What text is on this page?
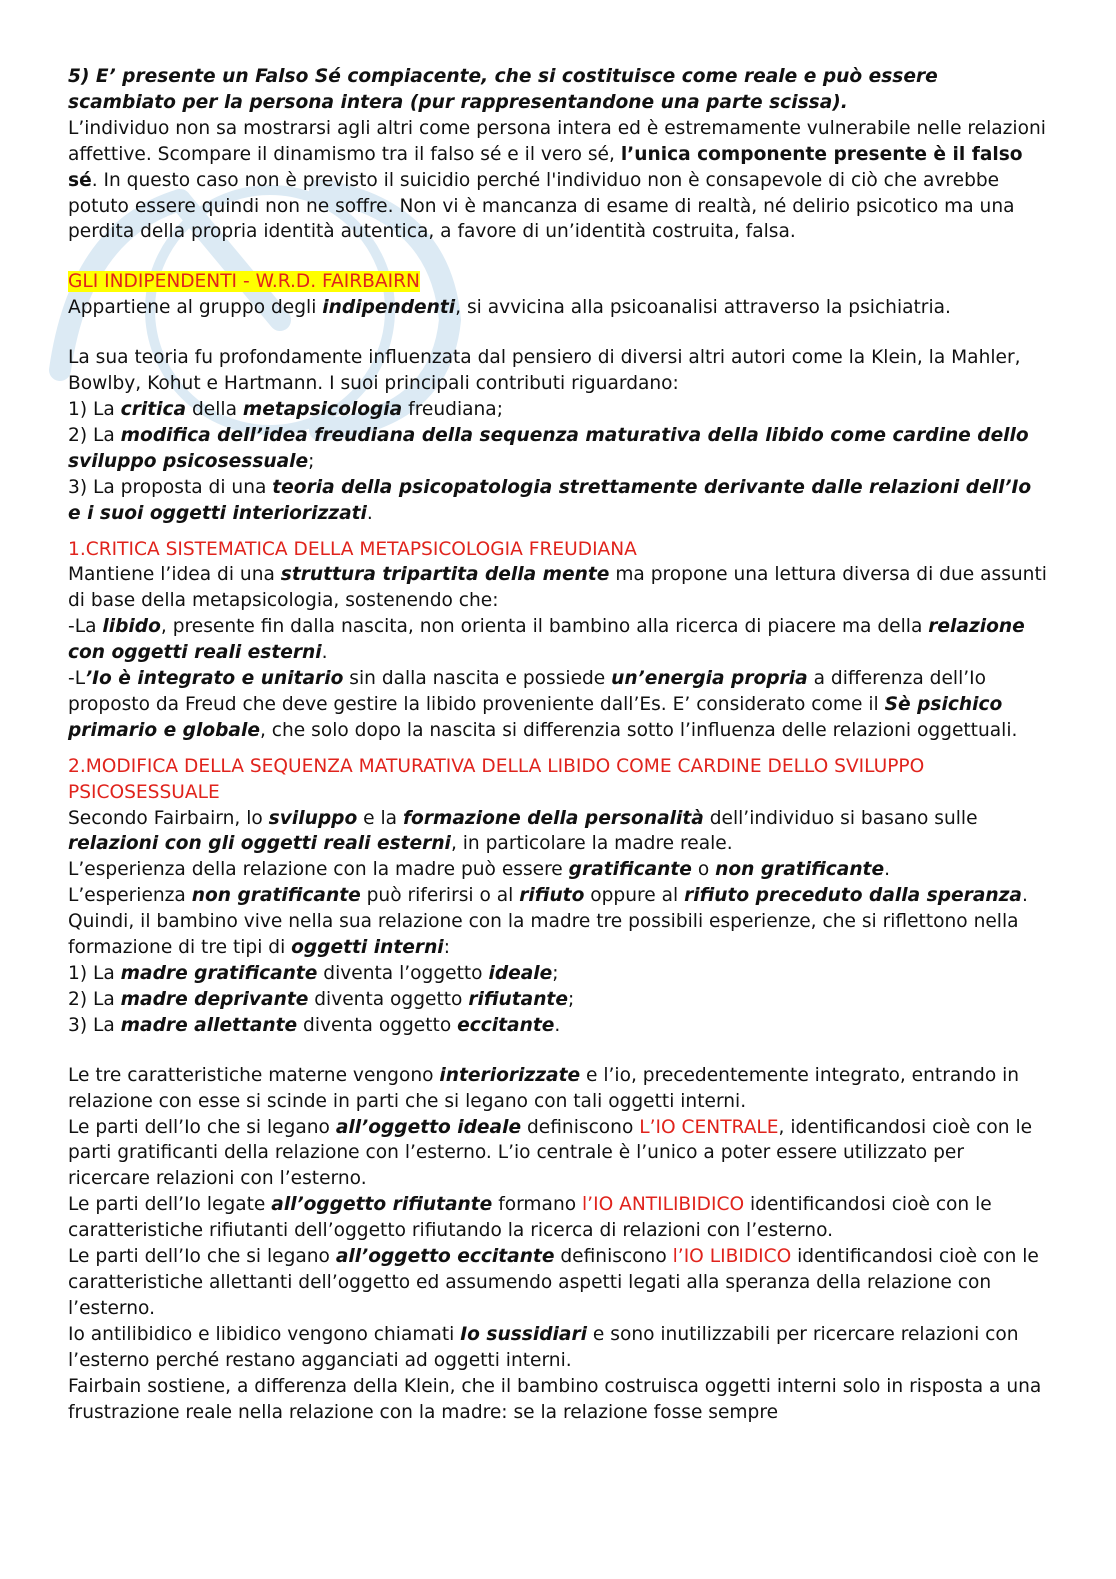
5) E’ presente un Falso Sé compiacente, che si costituisce come reale e può essere scambiato per la persona intera (pur rappresentandone una parte scissa).

L’individuo non sa mostrarsi agli altri come persona intera ed è estremamente vulnerabile nelle relazioni affettive. Scompare il dinamismo tra il falso sé e il vero sé, l’unica componente presente è il falso sé. In questo caso non è previsto il suicidio perché l'individuo non è consapevole di ciò che avrebbe potuto essere quindi non ne soffre. Non vi è mancanza di esame di realtà, né delirio psicotico ma una perdita della propria identità autentica, a favore di un’identità costruita, falsa.

GLI INDIPENDENTI - W.R.D. FAIRBAIRN

Appartiene al gruppo degli indipendenti, si avvicina alla psicoanalisi attraverso la psichiatria.

La sua teoria fu profondamente influenzata dal pensiero di diversi altri autori come la Klein, la Mahler, Bowlby, Kohut e Hartmann. I suoi principali contributi riguardano:

1) La critica della metapsicologia freudiana;

2) La modifica dell’idea freudiana della sequenza maturativa della libido come cardine dello sviluppo psicosessuale;

3) La proposta di una teoria della psicopatologia strettamente derivante dalle relazioni dell’Io e i suoi oggetti interiorizzati.

1.CRITICA SISTEMATICA DELLA METAPSICOLOGIA FREUDIANA

Mantiene l’idea di una struttura tripartita della mente ma propone una lettura diversa di due assunti di base della metapsicologia, sostenendo che:

-La libido, presente fin dalla nascita, non orienta il bambino alla ricerca di piacere ma della relazione con oggetti reali esterni.

-L’Io è integrato e unitario sin dalla nascita e possiede un’energia propria a differenza dell’Io proposto da Freud che deve gestire la libido proveniente dall’Es. E’ considerato come il Sè psichico primario e globale, che solo dopo la nascita si differenzia sotto l’influenza delle relazioni oggettuali.

2.MODIFICA DELLA SEQUENZA MATURATIVA DELLA LIBIDO COME CARDINE DELLO SVILUPPO PSICOSESSUALE

Secondo Fairbairn, lo sviluppo e la formazione della personalità dell’individuo si basano sulle relazioni con gli oggetti reali esterni, in particolare la madre reale.

L’esperienza della relazione con la madre può essere gratificante o non gratificante.

L’esperienza non gratificante può riferirsi o al rifiuto oppure al rifiuto preceduto dalla speranza.

Quindi, il bambino vive nella sua relazione con la madre tre possibili esperienze, che si riflettono nella formazione di tre tipi di oggetti interni:

1) La madre gratificante diventa l’oggetto ideale;

2) La madre deprivante diventa oggetto rifiutante;

3) La madre allettante diventa oggetto eccitante.

Le tre caratteristiche materne vengono interiorizzate e l’io, precedentemente integrato, entrando in relazione con esse si scinde in parti che si legano con tali oggetti interni.

Le parti dell’Io che si legano all’oggetto ideale definiscono L’IO CENTRALE, identificandosi cioè con le parti gratificanti della relazione con l’esterno. L’io centrale è l’unico a poter essere utilizzato per ricercare relazioni con l’esterno.

Le parti dell’Io legate all’oggetto rifiutante formano l’IO ANTILIBIDICO identificandosi cioè con le caratteristiche rifiutanti dell’oggetto rifiutando la ricerca di relazioni con l’esterno.

Le parti dell’Io che si legano all’oggetto eccitante definiscono l’IO LIBIDICO identificandosi cioè con le caratteristiche allettanti dell’oggetto ed assumendo aspetti legati alla speranza della relazione con l’esterno.

Io antilibidico e libidico vengono chiamati Io sussidiari e sono inutilizzabili per ricercare relazioni con l’esterno perché restano agganciati ad oggetti interni.

Fairbain sostiene, a differenza della Klein, che il bambino costruisca oggetti interni solo in risposta a una frustrazione reale nella relazione con la madre: se la relazione fosse sempre
